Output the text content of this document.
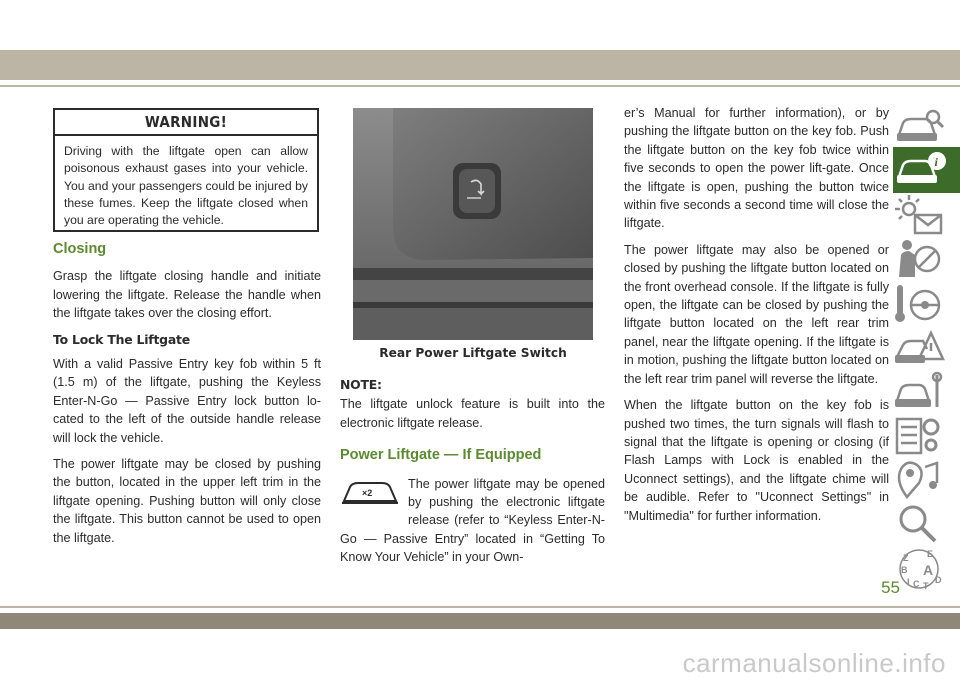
WARNING!
Driving with the liftgate open can allow poisonous exhaust gases into your vehicle. You and your passengers could be injured by these fumes. Keep the liftgate closed when you are operating the vehicle.
Closing

Grasp the liftgate closing handle and initiate lowering the liftgate. Release the handle when the liftgate takes over the closing effort.

To Lock The Liftgate

With a valid Passive Entry key fob within 5 ft (1.5 m) of the liftgate, pushing the Keyless Enter-N-Go — Passive Entry lock button lo-cated to the left of the outside handle release will lock the vehicle.

The power liftgate may be closed by pushing the button, located in the upper left trim in the liftgate opening. Pushing button will only close the liftgate. This button cannot be used to open the liftgate.

Rear Power Liftgate Switch
NOTE:

The liftgate unlock feature is built into the electronic liftgate release.

Power Liftgate — If Equipped
×2

The power liftgate may be opened by pushing the electronic liftgate release (refer to “Keyless Enter-N-Go — Passive Entry” located in “Getting To Know Your Vehicle” in your Own-

er’s Manual for further information), or by pushing the liftgate button on the key fob. Push the liftgate button on the key fob twice within five seconds to open the power lift-gate. Once the liftgate is open, pushing the button twice within five seconds a second time will close the liftgate.

The power liftgate may also be opened or closed by pushing the liftgate button located on the front overhead console. If the liftgate is fully open, the liftgate can be closed by pushing the liftgate button located on the left rear trim panel, near the liftgate opening. If the liftgate is in motion, pushing the liftgate button located on the left rear trim panel will reverse the liftgate.

When the liftgate button on the key fob is pushed two times, the turn signals will flash to signal that the liftgate is opening or closing (if Flash Lamps with Lock is enabled in the Uconnect settings), and the liftgate chime will be audible. Refer to "Uconnect Settings" in "Multimedia" for further information.

i
Z E
B A
I	D
C T
55
carmanualsonline.info
